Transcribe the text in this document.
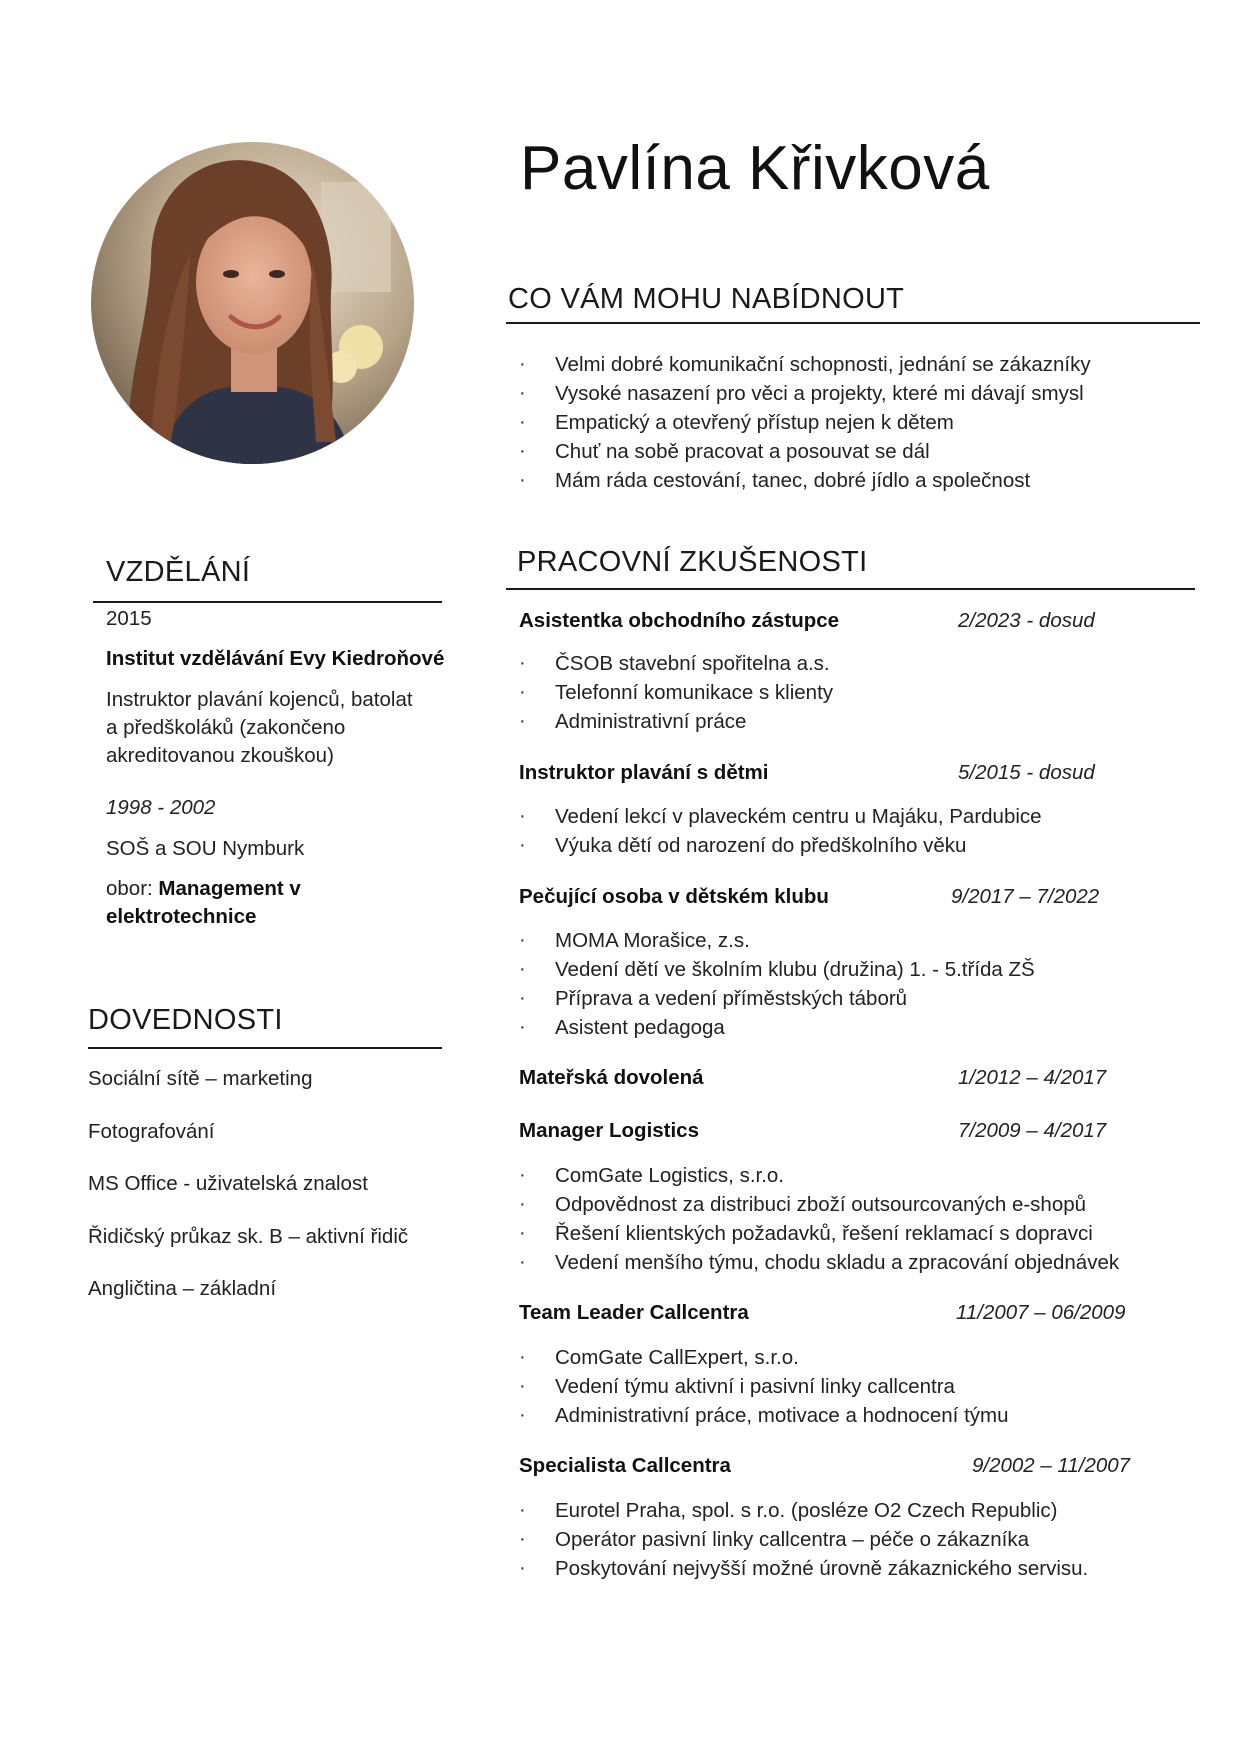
Pavlína Křivková
CO VÁM MOHU NABÍDNOUT
· Velmi dobré komunikační schopnosti, jednání se zákazníky
· Vysoké nasazení pro věci a projekty, které mi dávají smysl
· Empatický a otevřený přístup nejen k dětem
· Chuť na sobě pracovat a posouvat se dál
· Mám ráda cestování, tanec, dobré jídlo a společnost
VZDĚLÁNÍ
2015
Institut vzdělávání Evy Kiedroňové
Instruktor plavání kojenců, batolat a předškoláků (zakončeno akreditovanou zkouškou)
1998 - 2002
SOŠ a SOU Nymburk
obor: Management v elektrotechnice
DOVEDNOSTI
Sociální sítě – marketing
Fotografování
MS Office - uživatelská znalost
Řidičský průkaz sk. B – aktivní řidič
Angličtina – základní
PRACOVNÍ ZKUŠENOSTI
Asistentka obchodního zástupce	2/2023 - dosud
· ČSOB stavební spořitelna a.s.
· Telefonní komunikace s klienty
· Administrativní práce
Instruktor plavání s dětmi	5/2015 - dosud
· Vedení lekcí v plaveckém centru u Majáku, Pardubice
· Výuka dětí od narození do předškolního věku
Pečující osoba v dětském klubu	9/2017 – 7/2022
· MOMA Morašice, z.s.
· Vedení dětí ve školním klubu (družina) 1. - 5.třída ZŠ
· Příprava a vedení příměstských táborů
· Asistent pedagoga
Mateřská dovolená	1/2012 – 4/2017
Manager Logistics	7/2009 – 4/2017
· ComGate Logistics, s.r.o.
· Odpovědnost za distribuci zboží outsourcovaných e-shopů
· Řešení klientských požadavků, řešení reklamací s dopravci
· Vedení menšího týmu, chodu skladu a zpracování objednávek
Team Leader Callcentra	11/2007 – 06/2009
· ComGate CallExpert, s.r.o.
· Vedení týmu aktivní i pasivní linky callcentra
· Administrativní práce, motivace a hodnocení týmu
Specialista Callcentra	9/2002 – 11/2007
· Eurotel Praha, spol. s r.o. (posléze O2 Czech Republic)
· Operátor pasivní linky callcentra – péče o zákazníka
· Poskytování nejvyšší možné úrovně zákaznického servisu.
